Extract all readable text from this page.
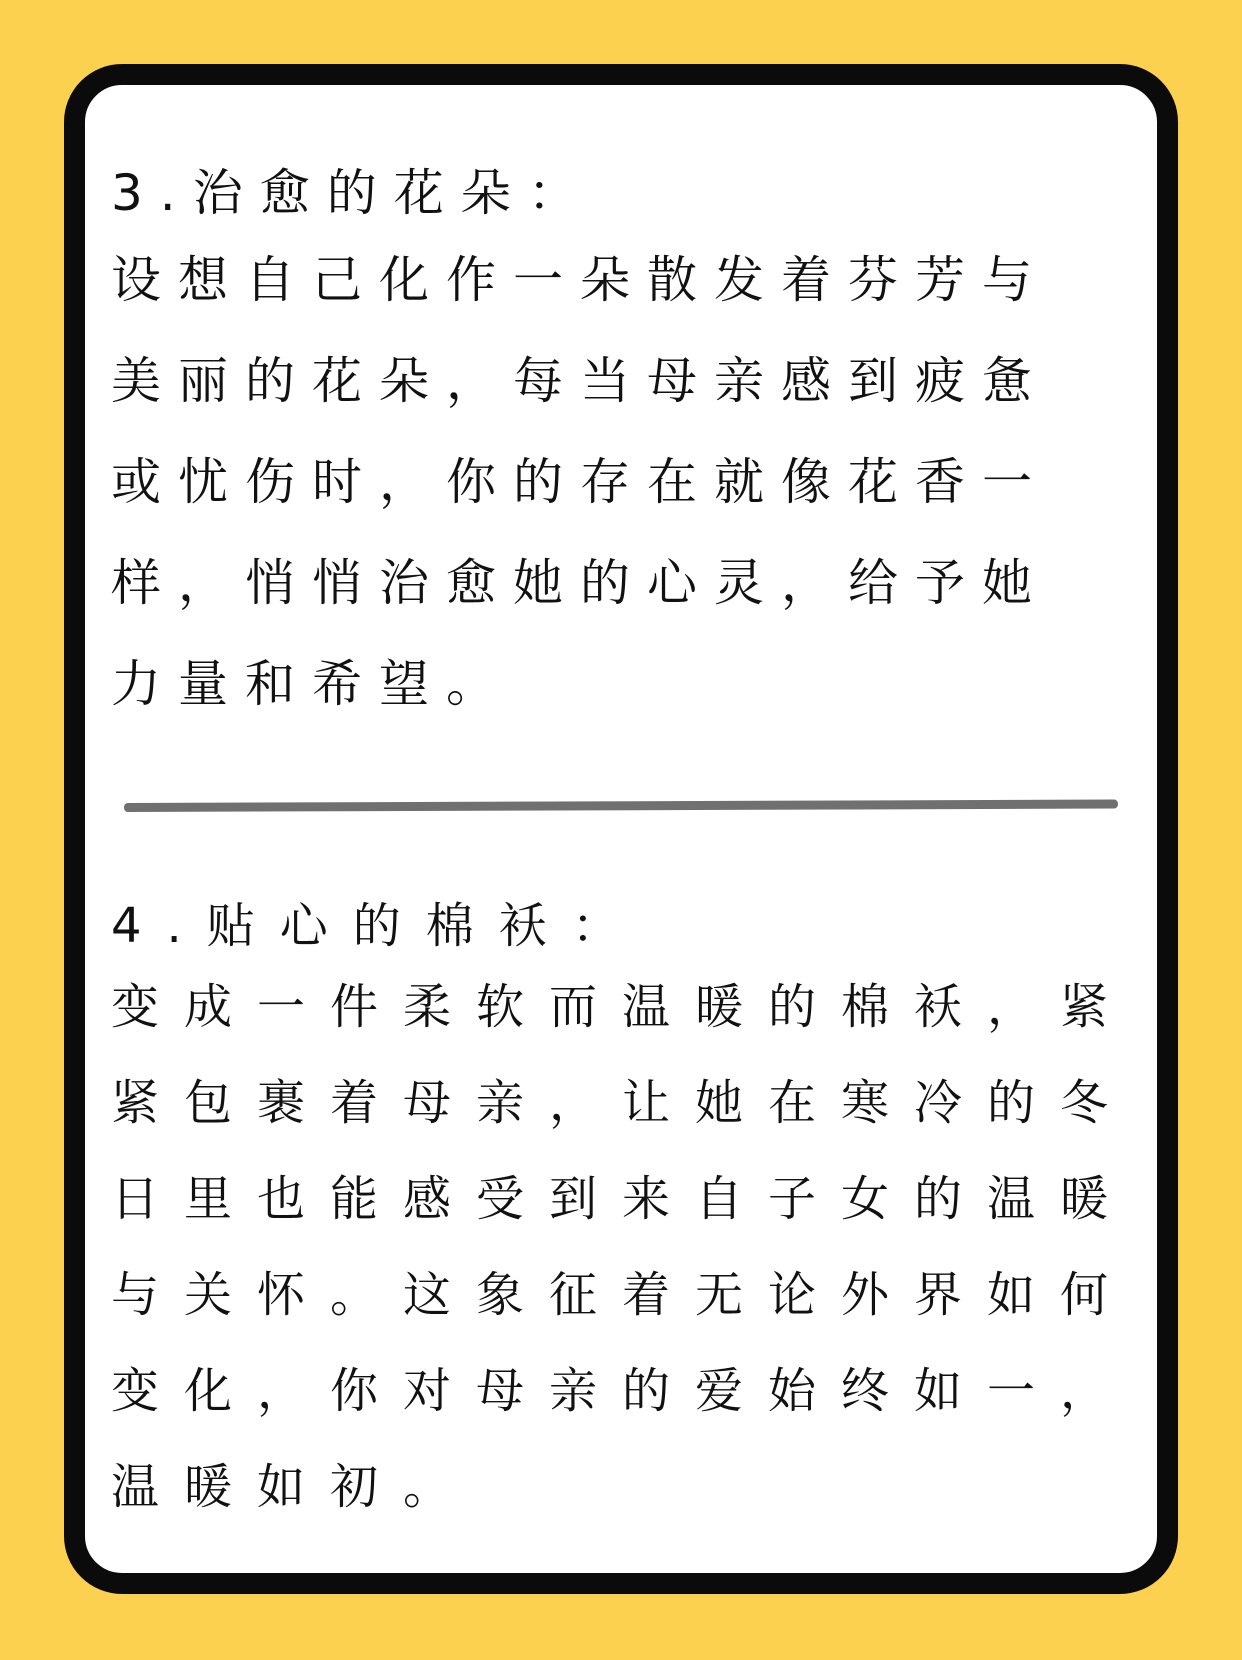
3.治愈的花朵：
设想自己化作一朵散发着芬芳与
美丽的花朵，每当母亲感到疲惫
或忧伤时，你的存在就像花香一
样，悄悄治愈她的心灵，给予她
力量和希望。
4.贴心的棉袄：
变成一件柔软而温暖的棉袄，紧
紧包裹着母亲，让她在寒冷的冬
日里也能感受到来自子女的温暖
与关怀。这象征着无论外界如何
变化，你对母亲的爱始终如一，
温暖如初。
